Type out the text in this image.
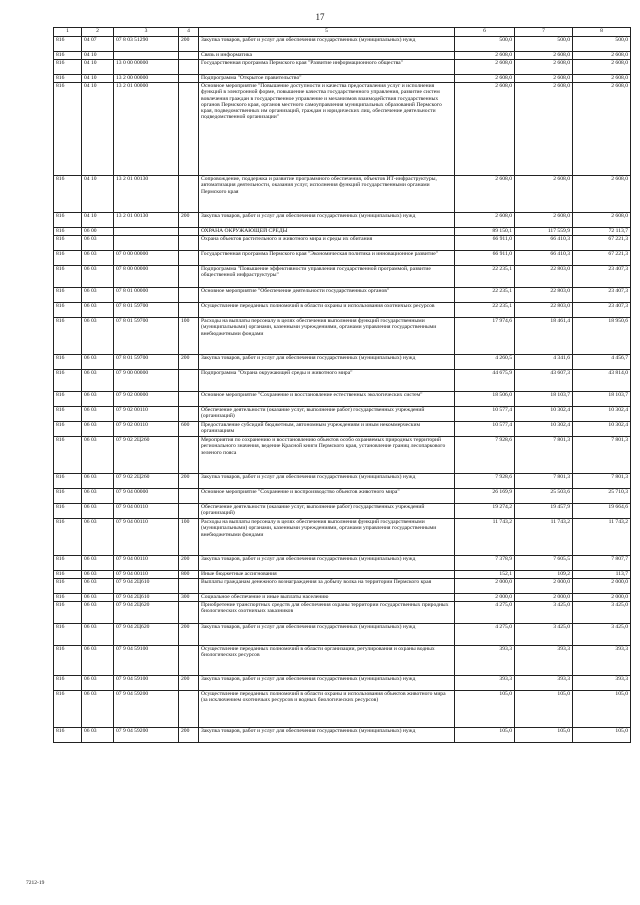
17
1	2	3	4	5	6	7	8
816	04 07	07 8 03 51290	200	Закупка товаров, работ и услуг для обеспечения государственных (муниципальных) нужд	500,0	500,0	500,0
816	04 10			Связь и информатика	2 608,0	2 608,0	2 608,0
816	04 10	13 0 00 00000		Государственная программа Пермского края "Развитие информационного общества"	2 608,0	2 608,0	2 608,0
816	04 10	13 2 00 00000		Подпрограмма "Открытое правительство"	2 608,0	2 608,0	2 608,0
816	04 10	13 2 01 00000		Основное мероприятие "Повышение доступности и качества предоставления услуг и исполнения функций в электронной форме, повышение качества государственного управления, развитие систем вовлечения граждан в государственное управление и механизмов взаимодействия государственных органов Пермского края, органов местного самоуправления муниципальных образований Пермского края, подведомственных им организаций, граждан и юридических лиц, обеспечение деятельности подведомственной организации"	2 608,0	2 608,0	2 608,0
816	04 10	13 2 01 00130		Сопровождение, поддержка и развитие программного обеспечения, объектов ИТ-инфраструктуры, автоматизация деятельности, оказания услуг, исполнения функций государственными органами Пермского края	2 608,0	2 608,0	2 608,0
816	04 10	13 2 01 00130	200	Закупка товаров, работ и услуг для обеспечения государственных (муниципальных) нужд	2 608,0	2 608,0	2 608,0
816	06 00			ОХРАНА ОКРУЖАЮЩЕЙ СРЕДЫ	89 150,1	117 559,9	72 113,7
816	06 03			Охрана объектов растительного и животного мира и среды их обитания	66 911,0	66 410,3	67 221,3
816	06 03	07 0 00 00000		Государственная программа Пермского края "Экономическая политика и инновационное развитие"	66 911,0	66 410,3	67 221,3
816	06 03	07 8 00 00000		Подпрограмма "Повышение эффективности управления государственной программой, развитие общественной инфраструктуры"	22 235,1	22 803,0	23 407,3
816	06 03	07 8 01 00000		Основное мероприятие "Обеспечение деятельности государственных органов"	22 235,1	22 803,0	23 407,3
816	06 03	07 8 01 59700		Осуществление переданных полномочий в области охраны и использования охотничьих ресурсов	22 235,1	22 803,0	23 407,3
816	06 03	07 8 01 59700	100	Расходы на выплаты персоналу в целях обеспечения выполнения функций государственными (муниципальными) органами, казенными учреждениями, органами управления государственными внебюджетными фондами	17 974,6	18 461,4	18 950,6
816	06 03	07 8 01 59700	200	Закупка товаров, работ и услуг для обеспечения государственных (муниципальных) нужд	4 260,5	4 341,6	4 456,7
816	06 03	07 9 00 00000		Подпрограмма "Охрана окружающей среды и животного мира"	44 675,9	43 607,3	43 814,0
816	06 03	07 9 02 00000		Основное мероприятие "Сохранение и восстановление естественных экологических систем"	18 506,0	18 103,7	18 103,7
816	06 03	07 9 02 00110		Обеспечение деятельности (оказание услуг, выполнение работ) государственных учреждений (организаций)	10 577,4	10 302,4	10 302,4
816	06 03	07 9 02 00110	600	Предоставление субсидий бюджетным, автономным учреждениям и иным некоммерческим организациям	10 577,4	10 302,4	10 302,4
816	06 03	07 9 02 2Ц260		Мероприятия по сохранению и восстановлению объектов особо охраняемых природных территорий регионального значения, ведение Красной книги Пермского края, установление границ лесопаркового зеленого пояса	7 928,6	7 801,3	7 801,3
816	06 03	07 9 02 2Ц260	200	Закупка товаров, работ и услуг для обеспечения государственных (муниципальных) нужд	7 928,6	7 801,3	7 801,3
816	06 03	07 9 04 00000		Основное мероприятие "Сохранение и воспроизводство объектов животного мира"	26 169,9	25 503,6	25 710,3
816	06 03	07 9 04 00110		Обеспечение деятельности (оказание услуг, выполнение работ) государственных учреждений (организаций)	19 274,2	19 457,9	19 664,6
816	06 03	07 9 04 00110	100	Расходы на выплаты персоналу в целях обеспечения выполнения функций государственными (муниципальными) органами, казенными учреждениями, органами управления государственными внебюджетными фондами	11 743,2	11 743,2	11 743,2
816	06 03	07 9 04 00110	200	Закупка товаров, работ и услуг для обеспечения государственных (муниципальных) нужд	7 378,9	7 605,5	7 807,7
816	06 03	07 9 04 00110	800	Иные бюджетные ассигнования	152,1	109,2	113,7
816	06 03	07 9 04 2Ц610		Выплаты гражданам денежного вознаграждения за добычу волка на территории Пермского края	2 000,0	2 000,0	2 000,0
816	06 03	07 9 04 2Ц610	300	Социальное обеспечение и иные выплаты населению	2 000,0	2 000,0	2 000,0
816	06 03	07 9 04 2Ц620		Приобретение транспортных средств для обеспечения охраны территории государственных природных биологических охотничьих заказников	4 275,0	3 425,0	3 425,0
816	06 03	07 9 04 2Ц620	200	Закупка товаров, работ и услуг для обеспечения государственных (муниципальных) нужд	4 275,0	3 425,0	3 425,0
816	06 03	07 9 04 59100		Осуществление переданных полномочий в области организации, регулирования и охраны водных биологических ресурсов	393,3	393,3	393,3
816	06 03	07 9 04 59100	200	Закупка товаров, работ и услуг для обеспечения государственных (муниципальных) нужд	393,3	393,3	393,3
816	06 03	07 9 04 59200		Осуществление переданных полномочий в области охраны и использования объектов животного мира (за исключением охотничьих ресурсов и водных биологических ресурсов)	105,0	105,0	105,0
816	06 03	07 9 04 59200	200	Закупка товаров, работ и услуг для обеспечения государственных (муниципальных) нужд	105,0	105,0	105,0
7212-19
